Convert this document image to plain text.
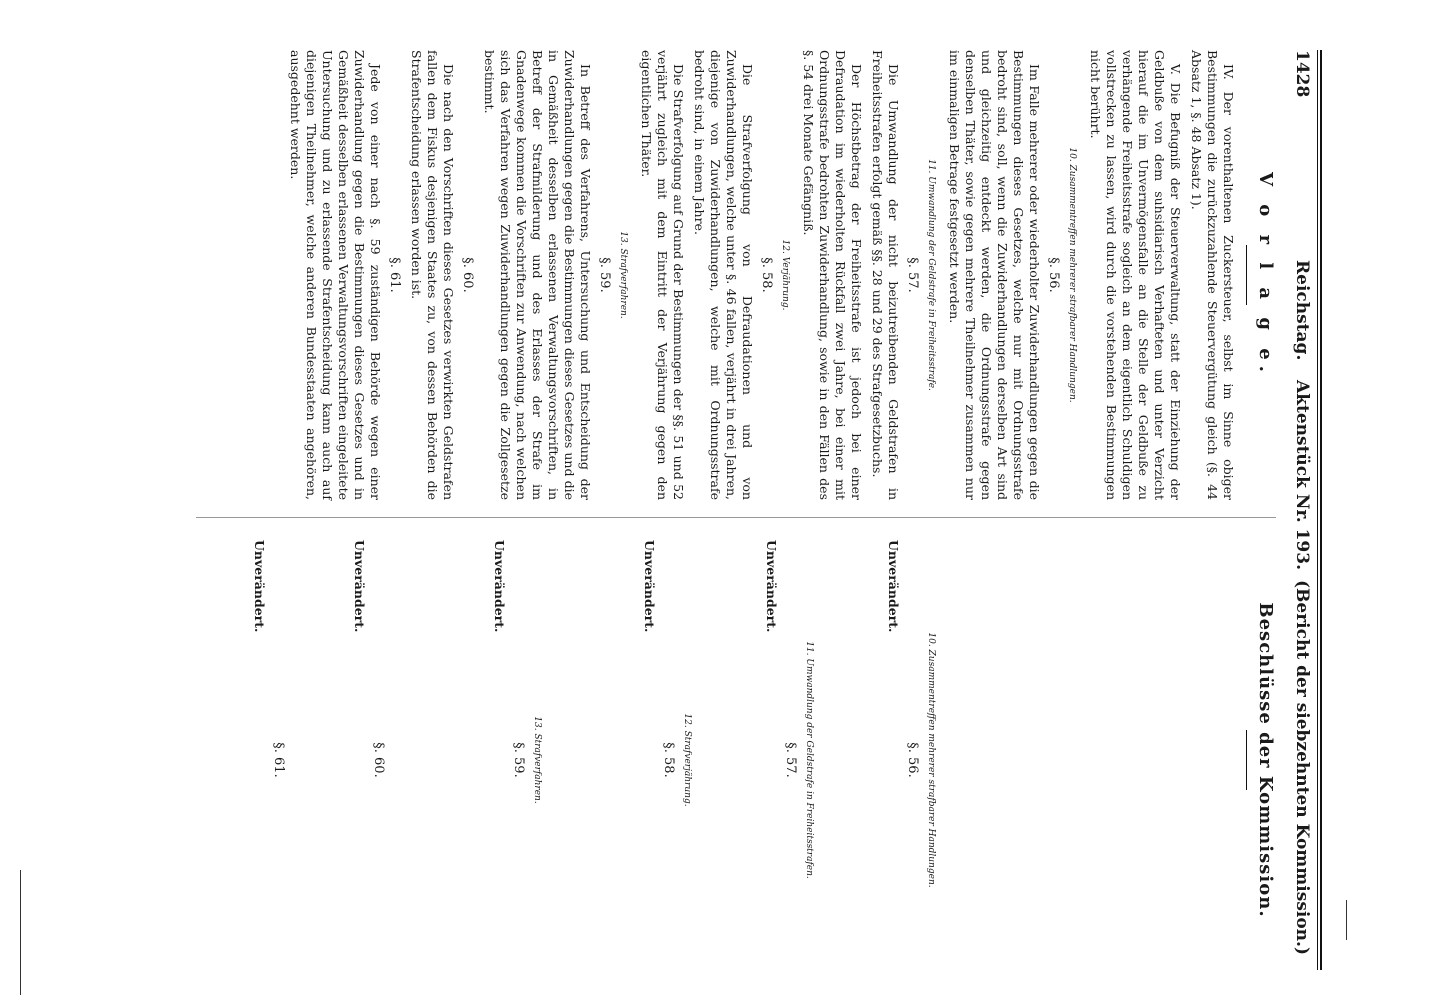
1428
Reichstag.
Aktenstück Nr. 193.
(Bericht der siebzehnten Kommission.)
V o r l a g e.

IV. Der vorenthaltenen Zuckersteuer, selbst im Sinne obiger Bestimmungen die zurückzuzahlende Steuervergütung gleich (§. 44 Absatz 1, §. 48 Absatz 1).

V. Die Befugniß der Steuerverwaltung, statt der Einziehung der Geldbuße von dem suhsidiarisch Verhafteten und unter Verzicht hierauf die im Unvermögensfalle an die Stelle der Geldbuße zu verhängende Freiheitsstrafe sogleich an dem eigentlich Schuldigen vollstrecken zu lassen, wird durch die vorstehenden Bestimmungen nicht berührt.

10. Zusammentreffen mehrerer strafbarer Handlungen.
§. 56.

Im Falle mehrerer oder wiederholter Zuwiderhandlungen gegen die Bestimmungen dieses Gesetzes, welche nur mit Ordnungsstrafe bedroht sind, soll, wenn die Zuwiderhandlungen derselben Art sind und gleichzeitig entdeckt werden, die Ordnungsstrafe gegen denselben Thäter, sowie gegen mehrere Theilnehmer zusammen nur im einmaligen Betrage festgesetzt werden.

11. Umwandlung der Geldstrafe in Freiheitsstrafe.
§. 57.

Die Umwandlung der nicht beizutreibenden Geldstrafen in Freiheitsstrafen erfolgt gemäß §§. 28 und 29 des Strafgesetzbuchs.

Der Höchstbetrag der Freiheitsstrafe ist jedoch bei einer Defraudation im wiederholten Rückfall zwei Jahre, bei einer mit Ordnungsstrafe bedrohten Zuwiderhandlung, sowie in den Fällen des §. 54 drei Monate Gefängniß.

12. Verjährung.
§. 58.

Die Strafverfolgung von Defraudationen und von Zuwiderhandlungen, welche unter §. 46 fallen, verjährt in drei Jahren, diejenige von Zuwiderhandlungen, welche mit Ordnungsstrafe bedroht sind, in einem Jahre.

Die Strafverfolgung auf Grund der Bestimmungen der §§. 51 und 52 verjährt zugleich mit dem Eintritt der Verjährung gegen den eigentlichen Thäter.

13. Strafverfahren.
§. 59.

In Betreff des Verfahrens, Untersuchung und Entscheidung der Zuwiderhandlungen gegen die Bestimmungen dieses Gesetzes und die in Gemäßheit desselben erlassenen Verwaltungsvorschriften, in Betreff der Strafmilderung und des Erlasses der Strafe im Gnadenwege kommen die Vorschriften zur Anwendung, nach welchen sich das Verfahren wegen Zuwiderhandlungen gegen die Zollgesetze bestimmt.

§. 60.

Die nach den Vorschriften dieses Gesetzes verwirkten Geldstrafen fallen dem Fiskus desjenigen Staates zu, von dessen Behörden die Strafentscheidung erlassen worden ist.

§. 61.

Jede von einer nach §. 59 zuständigen Behörde wegen einer Zuwiderhandlung gegen die Bestimmungen dieses Gesetzes und in Gemäßheit desselben erlassenen Verwaltungsvorschriften eingeleitete Untersuchung und zu erlassende Strafentscheidung kann auch auf diejenigen Theilnehmer, welche anderen Bundesstaaten angehören, ausgedehnt werden.

Beschlüsse der Kommission.
10. Zusammentreffen mehrerer strafbarer Handlungen.
§. 56.
Unverändert.
11. Umwandlung der Geldstrafe in Freiheitsstrafen.
§. 57.
Unverändert.
12. Strafverjährung.
§. 58.
Unverändert.
13. Strafverfahren.
§. 59.
Unverändert.
§. 60.
Unverändert.
§. 61.
Unverändert.
